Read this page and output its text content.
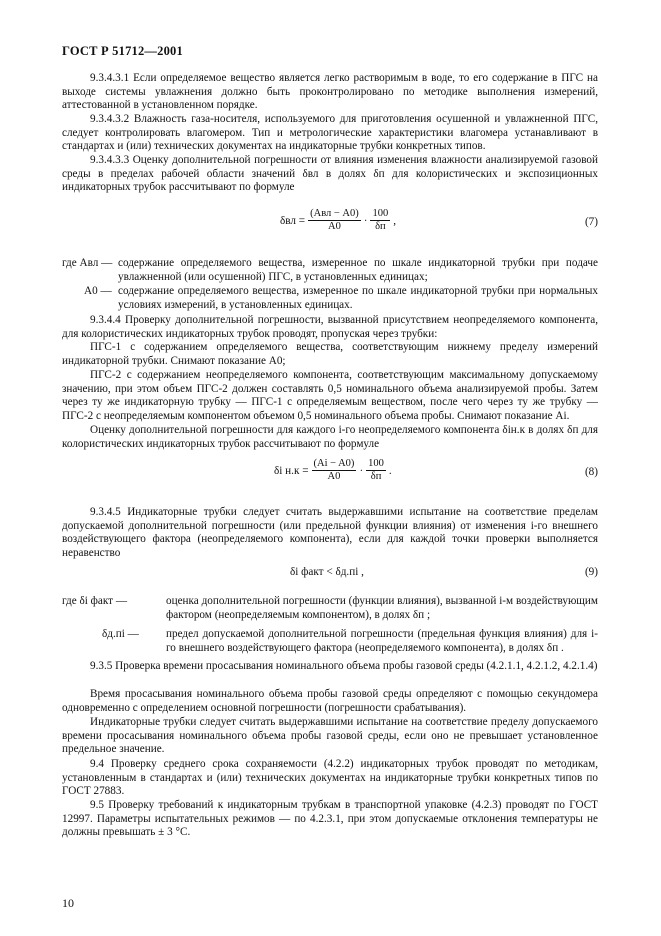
ГОСТ Р 51712—2001
9.3.4.3.1 Если определяемое вещество является легко растворимым в воде, то его содержание в ПГС на выходе системы увлажнения должно быть проконтролировано по методике выполнения измерений, аттестованной в установленном порядке.
9.3.4.3.2 Влажность газа-носителя, используемого для приготовления осушенной и увлажненной ПГС, следует контролировать влагомером. Тип и метрологические характеристики влагомера устанавливают в стандартах и (или) технических документах на индикаторные трубки конкретных типов.
9.3.4.3.3 Оценку дополнительной погрешности от влияния изменения влажности анализируемой газовой среды в пределах рабочей области значений δвл в долях δп для колористических и экспозиционных индикаторных трубок рассчитывают по формуле
$\delta вл = \frac{\text{(Aвл − A0)}}{A0} \cdot \frac{100}{\delta п}$ ,	(7)
где Aвл — содержание определяемого вещества, измеренное по шкале индикаторной трубки при подаче увлажненной (или осушенной) ПГС, в установленных единицах;
A0 — содержание определяемого вещества, измеренное по шкале индикаторной трубки при нормальных условиях измерений, в установленных единицах.
9.3.4.4 Проверку дополнительной погрешности, вызванной присутствием неопределяемого компонента, для колористических индикаторных трубок проводят, пропуская через трубки:
ПГС-1 с содержанием определяемого вещества, соответствующим нижнему пределу измерений индикаторной трубки. Снимают показание A0;
ПГС-2 с содержанием неопределяемого компонента, соответствующим максимальному допускаемому значению, при этом объем ПГС-2 должен составлять 0,5 номинального объема анализируемой пробы. Затем через ту же индикаторную трубку — ПГС-1 с определяемым веществом, после чего через ту же трубку — ПГС-2 с неопределяемым компонентом объемом 0,5 номинального объема пробы. Снимают показание Ai.
Оценку дополнительной погрешности для каждого i-го неопределяемого компонента δiн.к в долях δп для колористических индикаторных трубок рассчитывают по формуле
δi $н.к = \frac{(Ai - A0)}{A0} \cdot \frac{100}{\delta п}$ .	(8)
9.3.4.5 Индикаторные трубки следует считать выдержавшими испытание на соответствие пределам допускаемой дополнительной погрешности (или предельной функции влияния) от изменения i-го внешнего воздействующего фактора (неопределяемого компонента), если для каждой точки проверки выполняется неравенство
δi факт < δд.пi ,	(9)
где δi факт —	оценка дополнительной погрешности (функции влияния), вызванной i-м воздействующим фактором (неопределяемым компонентом), в долях δп ;
δд.пi — предел допускаемой дополнительной погрешности (предельная функция влияния) для i-го внешнего воздействующего фактора (неопределяемого компонента), в долях δп .
9.3.5 Проверка времени просасывания номинального объема пробы газовой среды (4.2.1.1, 4.2.1.2, 4.2.1.4)
Время просасывания номинального объема пробы газовой среды определяют с помощью секундомера одновременно с определением основной погрешности (погрешности срабатывания).
Индикаторные трубки следует считать выдержавшими испытание на соответствие пределу допускаемого времени просасывания номинального объема пробы газовой среды, если оно не превышает установленное предельное значение.
9.4 Проверку среднего срока сохраняемости (4.2.2) индикаторных трубок проводят по методикам, установленным в стандартах и (или) технических документах на индикаторные трубки конкретных типов по ГОСТ 27883.
9.5 Проверку требований к индикаторным трубкам в транспортной упаковке (4.2.3) проводят по ГОСТ 12997. Параметры испытательных режимов — по 4.2.3.1, при этом допускаемые отклонения температуры не должны превышать ± 3 °С.
10
